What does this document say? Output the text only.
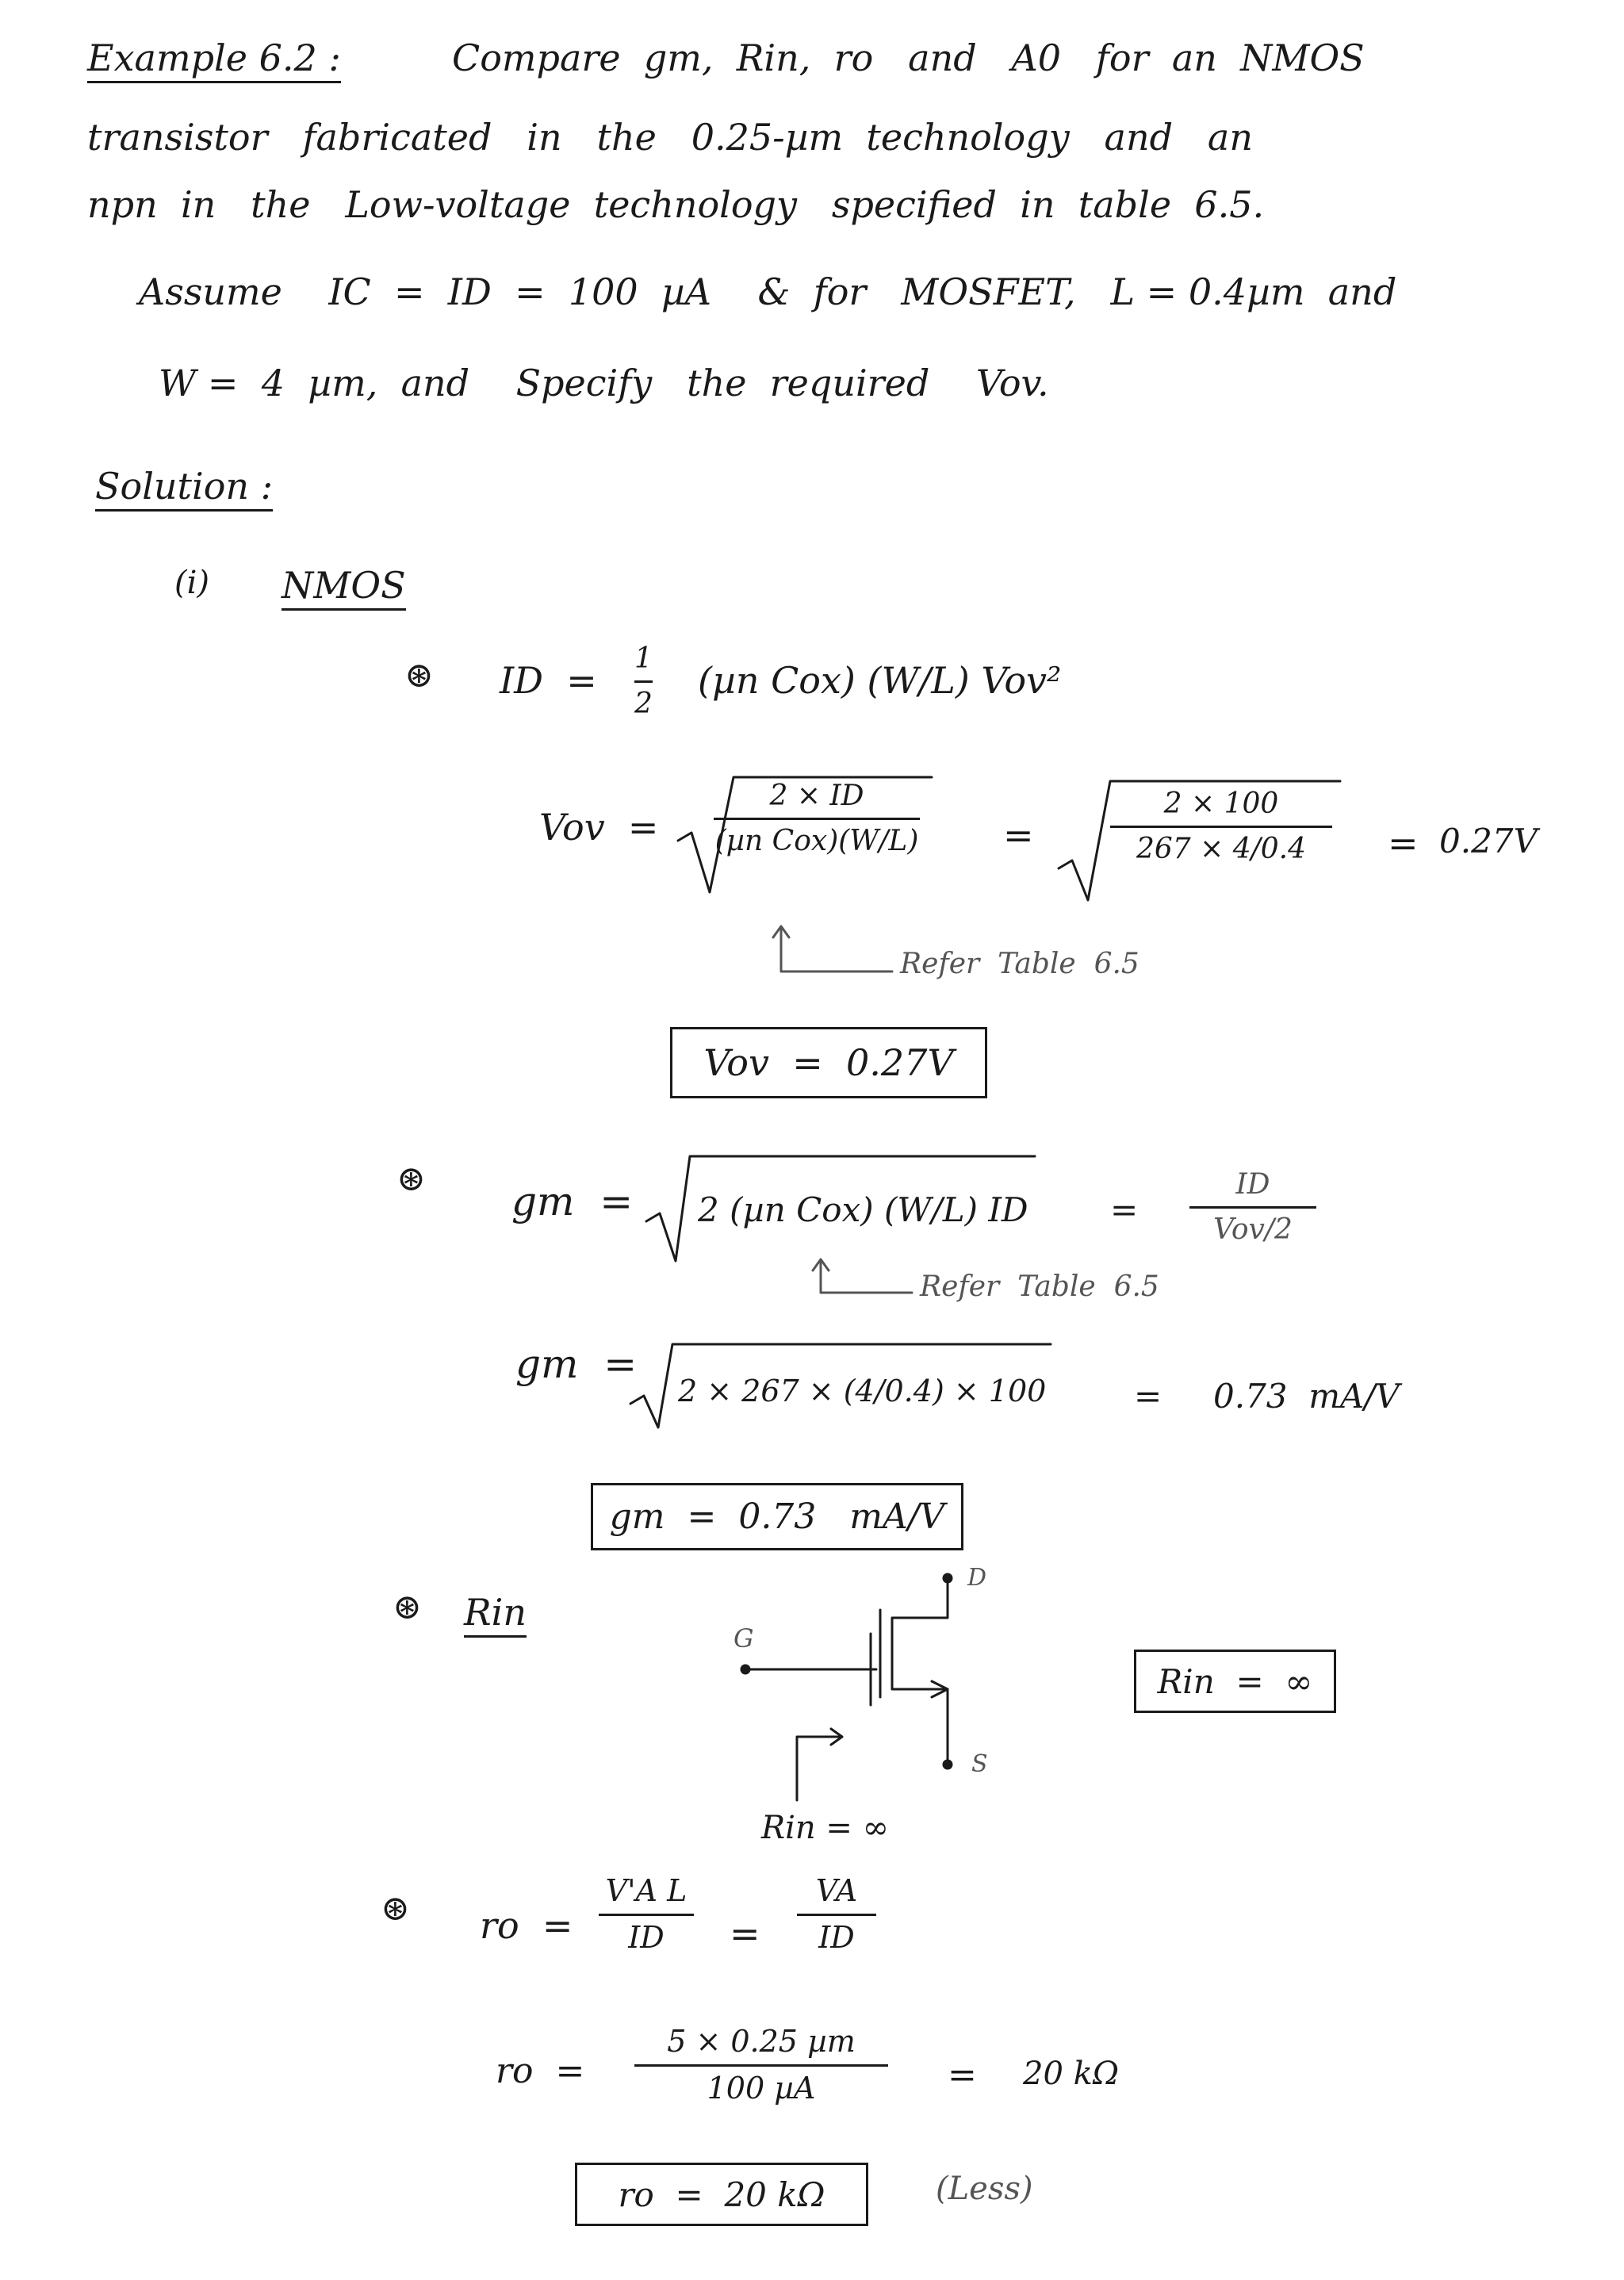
Example 6.2 :	Compare  gm,  Rin,  ro   and   A0   for  an  NMOS
transistor   fabricated   in   the   0.25-µm  technology   and   an
npn  in   the   Low-voltage  technology   specified  in  table  6.5.
Assume    IC  =  ID  =  100  µA    &  for   MOSFET,   L = 0.4µm  and
W =  4  µm,  and    Specify   the  required    Vov.
Solution :
(i) NMOS
⊛ ID  =
1
2
(µn Cox) (W/L) Vov²
Vov  =
2 × ID
(µn Cox)(W/L) =
2 × 100
267 × 4/0.4 = 0.27V
Refer  Table  6.5
Vov  =  0.27V
⊛ gm  = 2 (µn Cox) (W/L) ID =
ID
Vov/2
Refer  Table  6.5
gm  =
2 × 267 × (4/0.4) × 100	= 0.73  mA/V
gm  =  0.73   mA/V
⊛ Rin
D
G
S
Rin = ∞
Rin  =  ∞
⊛ ro  =
V'A L
ID =
VA
ID
ro  =
5 × 0.25 µm
100 µA	= 20 kΩ
ro  =  20 kΩ	(Less)
